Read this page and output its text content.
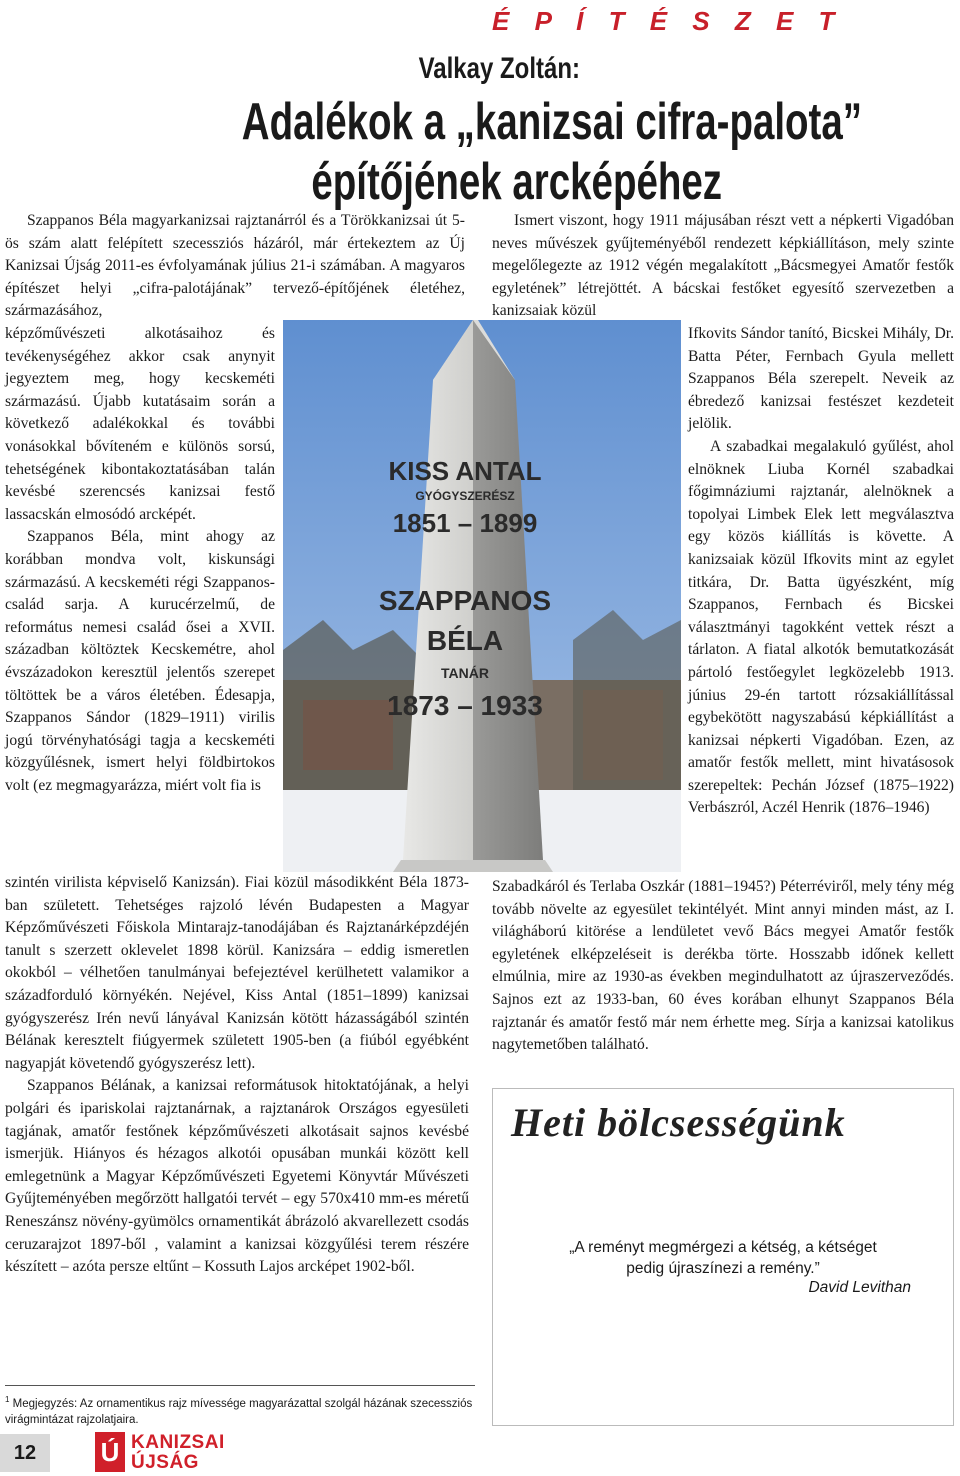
É P Í T É S Z E T
Valkay Zoltán:
Adalékok a „kanizsai cifra-palota”
építőjének arcképéhez

Szappanos Béla magyarkanizsai rajztanárról és a Törökkanizsai út 5-ös szám alatt felépített szecessziós házáról, már értekeztem az Új Kanizsai Újság 2011-es évfolyamának július 21-i számában. A magyaros építészet helyi „cifra-palotájának” tervező-építőjének életéhez, származásához,

képzőművészeti alkotásaihoz és tevékenységéhez akkor csak anynyit jegyeztem meg, hogy kecskeméti származású. Újabb kutatásaim során a következő adalékokkal és további vonásokkal bővíteném e különös sorsú, tehetségének kibontakoztatásában talán kevésbé szerencsés kanizsai festő lassacskán elmosódó arcképét.

Szappanos Béla, mint ahogy az korábban mondva volt, kiskunsági származású. A kecskeméti régi Szappanos-család sarja. A kurucérzelmű, de református nemesi család ősei a XVII. században költöztek Kecskemétre, ahol évszázadokon keresztül jelentős szerepet töltöttek be a város életében. Édesapja, Szappanos Sándor (1829–1911) virilis jogú törvényhatósági tagja a kecskeméti közgyűlésnek, ismert helyi földbirtokos volt (ez megmagyarázza, miért volt fia is

szintén virilista képviselő Kanizsán). Fiai közül másodikként Béla 1873-ban született. Tehetséges rajzoló lévén Budapesten a Magyar Képzőművészeti Főiskola Mintarajz-tanodájában és Rajztanárképzdéjén tanult s szerzett oklevelet 1898 körül. Kanizsára – eddig ismeretlen okokból – vélhetően tanulmányai befejeztével kerülhetett valamikor a századforduló környékén. Nejével, Kiss Antal (1851–1899) kanizsai gyógyszerész Irén nevű lányával Kanizsán kötött házasságából szintén Bélának keresztelt fiúgyermek született 1905-ben (a fiúból egyébként nagyapját követendő gyógyszerész lett).

Szappanos Bélának, a kanizsai reformátusok hitoktatójának, a helyi polgári és ipariskolai rajztanárnak, a rajztanárok Országos egyesületi tagjának, amatőr festőnek képzőművészeti alkotásait sajnos kevésbé ismerjük. Hiányos és hézagos alkotói opusában munkái között kell emlegetnünk a Magyar Képzőművészeti Egyetemi Könyvtár Művészeti Gyűjteményében megőrzött hallgatói tervét – egy 570x410 mm-es méretű Reneszánsz növény-gyümölcs ornamentikát ábrázoló akvarellezett csodás ceruzarajzot 1897-ből , valamint a kanizsai közgyűlési terem részére készített – azóta persze eltűnt – Kossuth Lajos arcképet 1902-ből.

KISS ANTAL
GYÓGYSZERÉSZ
1851 – 1899
SZAPPANOS
BÉLA
TANÁR
1873 – 1933

Ismert viszont, hogy 1911 májusában részt vett a népkerti Vigadóban neves művészek gyűjteményéből rendezett képkiállításon, mely szinte megelőlegezte az 1912 végén megalakított „Bácsmegyei Amatőr festők egyletének” létrejöttét. A bácskai festőket egyesítő szervezetben a kanizsaiak közül

Ifkovits Sándor tanító, Bicskei Mihály, Dr. Batta Péter, Fernbach Gyula mellett Szappanos Béla szerepelt. Neveik az ébredező kanizsai festészet kezdeteit jelölik.

A szabadkai megalakuló gyűlést, ahol elnöknek Liuba Kornél szabadkai főgimnáziumi rajztanár, alelnöknek a topolyai Limbek Elek lett megválasztva egy közös kiállítás is követte. A kanizsaiak közül Ifkovits mint az egylet titkára, Dr. Batta ügyészként, míg Szappanos, Fernbach és Bicskei választmányi tagokként vettek részt a tárlaton. A fiatal alkotók bemutatkozását pártoló festőegylet legközelebb 1913. június 29-én tartott rózsakiállítással egybekötött nagyszabású képkiállítást a kanizsai népkerti Vigadóban. Ezen, az amatőr festők mellett, mint hivatásosok szerepeltek: Pechán József (1875–1922) Verbászról, Aczél Henrik (1876–1946)

Szabadkáról és Terlaba Oszkár (1881–1945?) Péterréviről, mely tény még tovább növelte az egyesület tekintélyét. Mint annyi minden mást, az I. világháború kitörése a lendületet vevő Bács megyei Amatőr festők egyletének elképzeléseit is derékba törte. Hosszabb időnek kellett elmúlnia, mire az 1930-as években megindulhatott az újraszerveződés. Sajnos ezt az 1933-ban, 60 éves korában elhunyt Szappanos Béla rajztanár és amatőr festő már nem érhette meg. Sírja a kanizsai katolikus nagytemetőben található.

Heti bölcsességünk
„A reményt megmérgezi a kétség, a kétséget
pedig újraszínezi a remény.”
David Levithan
$^1$ Megjegyzés: Az ornamentikus rajz mívessége magyarázattal szolgál házának szecessziós virágmintázat rajzolatjaira.
12	Ú KANIZSAI
ÚJSÁG
